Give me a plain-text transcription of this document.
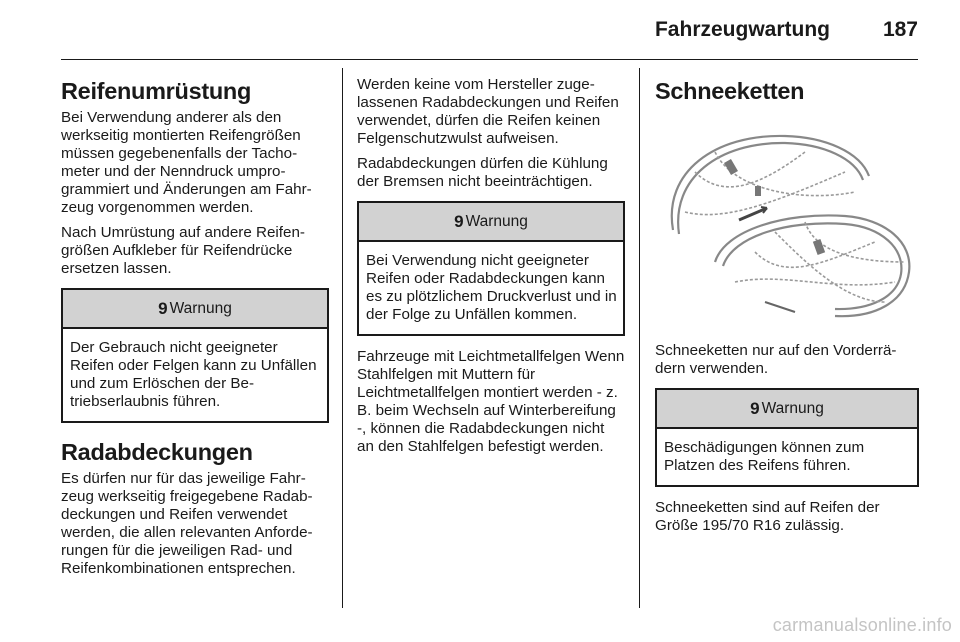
Fahrzeugwartung	187
Reifenumrüstung

Bei Verwendung anderer als den werkseitig montierten Reifengrößen müssen gegebenenfalls der Tachometer und der Nenndruck umprogrammiert und Änderungen am Fahrzeug vorgenommen werden.

Nach Umrüstung auf andere Reifengrößen Aufkleber für Reifendrücke ersetzen lassen.

9 Warnung
Der Gebrauch nicht geeigneter Reifen oder Felgen kann zu Unfällen und zum Erlöschen der Betriebserlaubnis führen.
Radabdeckungen

Es dürfen nur für das jeweilige Fahrzeug werkseitig freigegebene Radabdeckungen und Reifen verwendet werden, die allen relevanten Anforderungen für die jeweiligen Rad- und Reifenkombinationen entsprechen.

Werden keine vom Hersteller zugelassenen Radabdeckungen und Reifen verwendet, dürfen die Reifen keinen Felgenschutzwulst aufweisen.

Radabdeckungen dürfen die Kühlung der Bremsen nicht beeinträchtigen.

9 Warnung
Bei Verwendung nicht geeigneter Reifen oder Radabdeckungen kann es zu plötzlichem Druckverlust und in der Folge zu Unfällen kommen.

Fahrzeuge mit Leichtmetallfelgen Wenn Stahlfelgen mit Muttern für Leichtmetallfelgen montiert werden - z. B. beim Wechseln auf Winterbereifung -, können die Radabdeckungen nicht an den Stahlfelgen befestigt werden.

Schneeketten

Schneeketten nur auf den Vorderrädern verwenden.

9 Warnung
Beschädigungen können zum Platzen des Reifens führen.

Schneeketten sind auf Reifen der Größe 195/70 R16 zulässig.

carmanualsonline.info
